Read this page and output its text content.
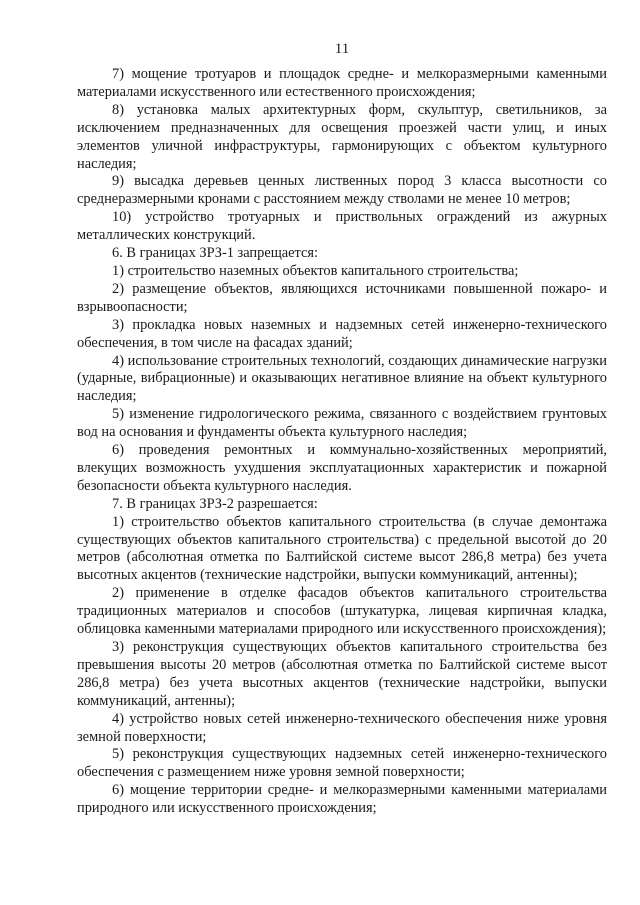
11

7) мощение тротуаров и площадок средне- и мелкоразмерными каменными материалами искусственного или естественного происхождения;

8) установка малых архитектурных форм, скульптур, светильников, за исключением предназначенных для освещения проезжей части улиц, и иных элементов уличной инфраструктуры, гармонирующих с объектом культурного наследия;

9) высадка деревьев ценных лиственных пород 3 класса высотности со среднеразмерными кронами с расстоянием между стволами не менее 10 метров;

10) устройство тротуарных и приствольных ограждений из ажурных металлических конструкций.

6. В границах ЗРЗ-1 запрещается:

1) строительство наземных объектов капитального строительства;

2) размещение объектов, являющихся источниками повышенной пожаро- и взрывоопасности;

3) прокладка новых наземных и надземных сетей инженерно-технического обеспечения, в том числе на фасадах зданий;

4) использование строительных технологий, создающих динамические нагрузки (ударные, вибрационные) и оказывающих негативное влияние на объект культурного наследия;

5) изменение гидрологического режима, связанного с воздействием грунтовых вод на основания и фундаменты объекта культурного наследия;

6) проведения ремонтных и коммунально-хозяйственных мероприятий, влекущих возможность ухудшения эксплуатационных характеристик и пожарной безопасности объекта культурного наследия.

7. В границах ЗРЗ-2 разрешается:

1) строительство объектов капитального строительства (в случае демонтажа существующих объектов капитального строительства) с предельной высотой до 20 метров (абсолютная отметка по Балтийской системе высот 286,8 метра) без учета высотных акцентов (технические надстройки, выпуски коммуникаций, антенны);

2) применение в отделке фасадов объектов капитального строительства традиционных материалов и способов (штукатурка, лицевая кирпичная кладка, облицовка каменными материалами природного или искусственного происхождения);

3) реконструкция существующих объектов капитального строительства без превышения высоты 20 метров (абсолютная отметка по Балтийской системе высот 286,8 метра) без учета высотных акцентов (технические надстройки, выпуски коммуникаций, антенны);

4) устройство новых сетей инженерно-технического обеспечения ниже уровня земной поверхности;

5) реконструкция существующих надземных сетей инженерно-технического обеспечения с размещением ниже уровня земной поверхности;

6) мощение территории средне- и мелкоразмерными каменными материалами природного или искусственного происхождения;
